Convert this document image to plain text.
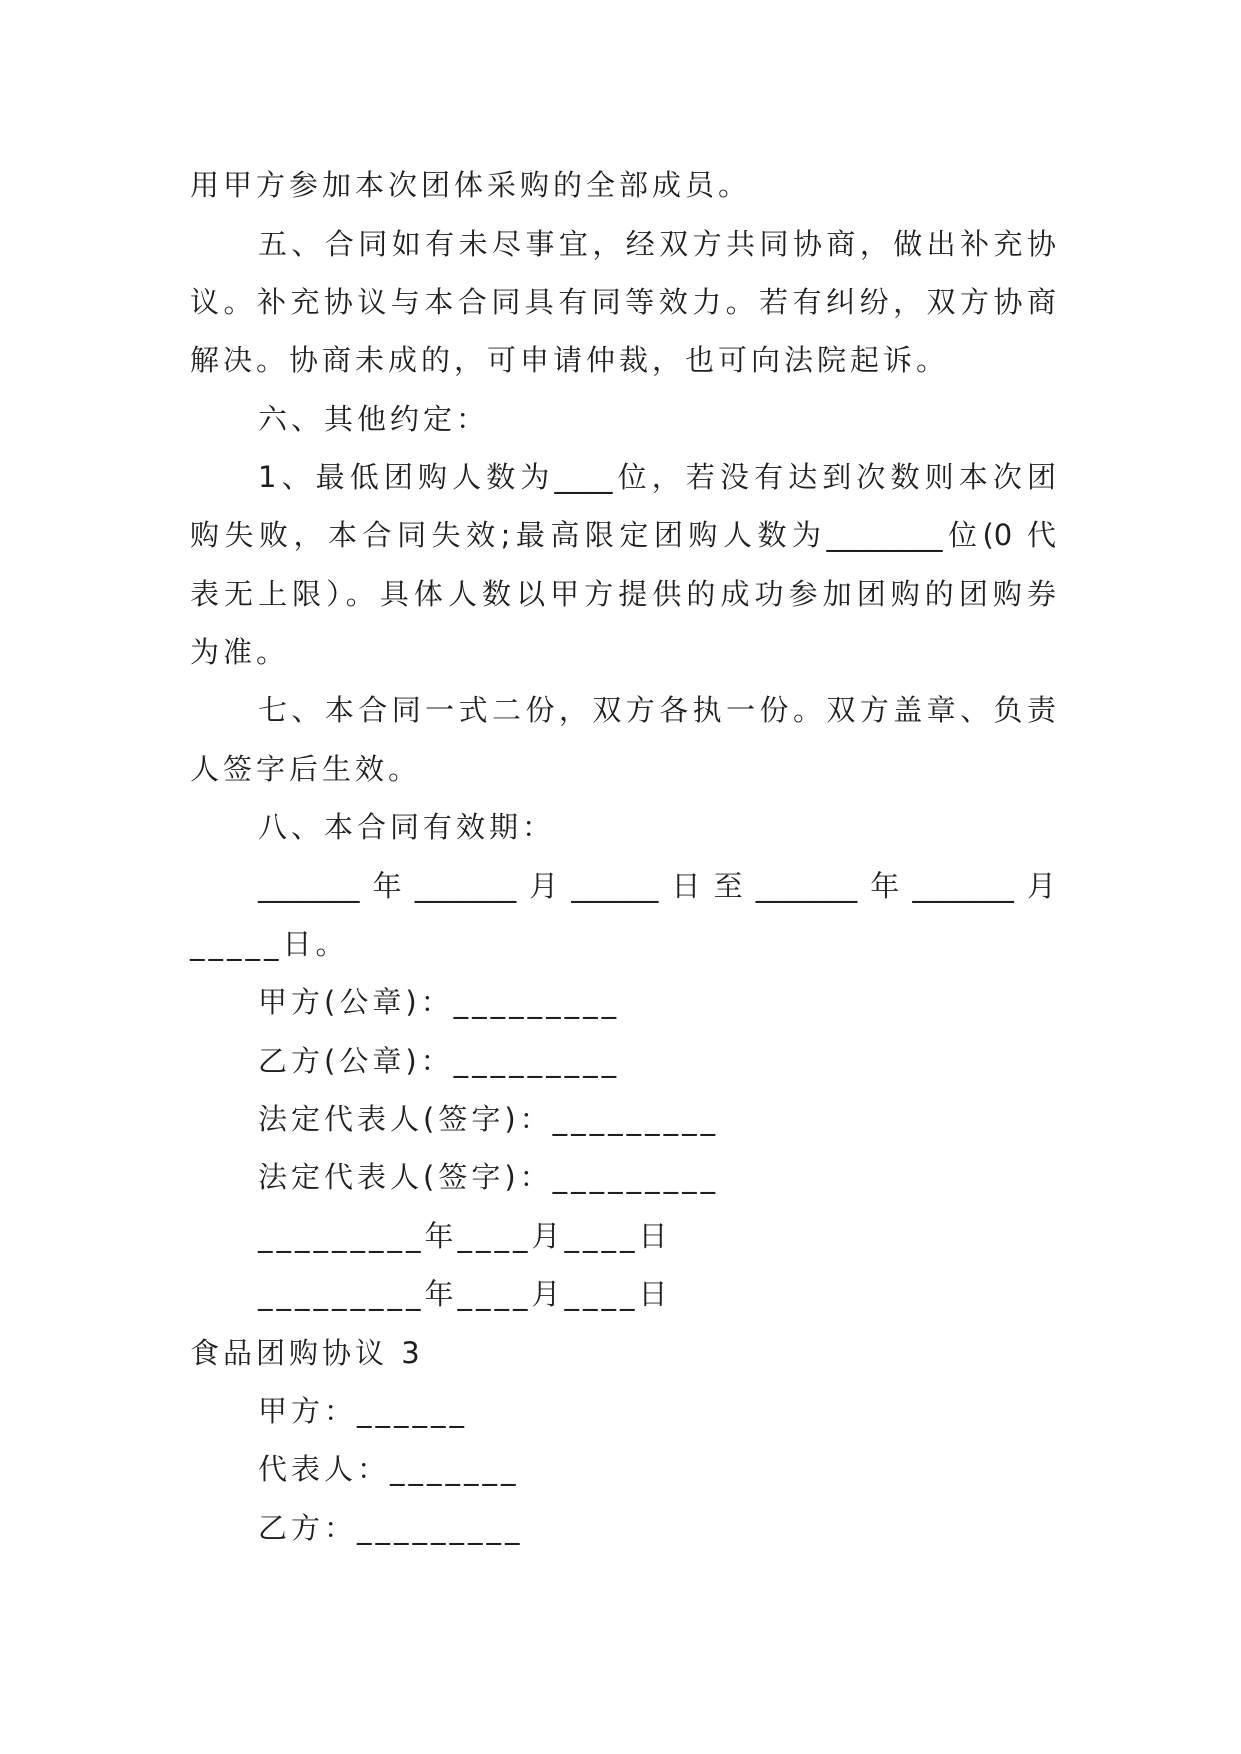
用甲方参加本次团体采购的全部成员。
五、合同如有未尽事宜，经双方共同协商，做出补充协
议。补充协议与本合同具有同等效力。若有纠纷，双方协商
解决。协商未成的，可申请仲裁，也可向法院起诉。
六、其他约定：
1、最低团购人数为____位，若没有达到次数则本次团
购失败，本合同失效;最高限定团购人数为________位(0 代
表无上限）。具体人数以甲方提供的成功参加团购的团购券
为准。
七、本合同一式二份，双方各执一份。双方盖章、负责
人签字后生效。
八、本合同有效期：
_______年_______月______日至_______年_______月
_____日。
甲方(公章)：_________
乙方(公章)：_________
法定代表人(签字)：_________
法定代表人(签字)：_________
_________年____月____日
_________年____月____日
食品团购协议 3
甲方：______
代表人：_______
乙方：_________
